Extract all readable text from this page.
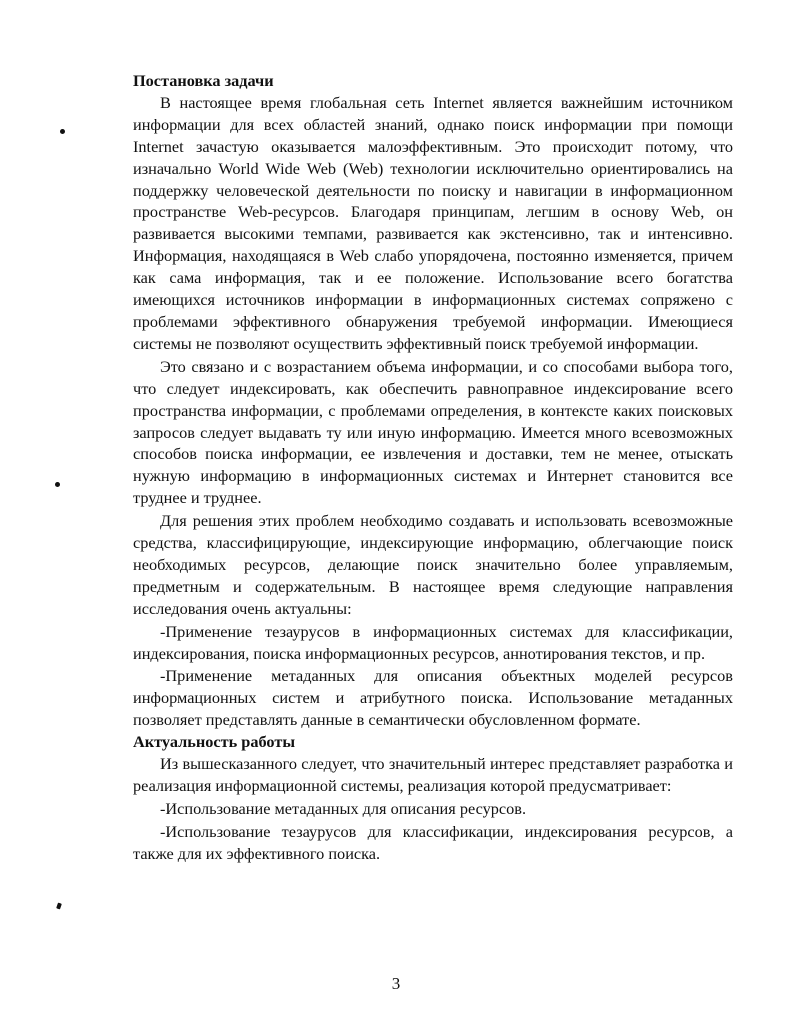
Постановка задачи

В настоящее время глобальная сеть Internet является важнейшим источником информации для всех областей знаний, однако поиск информации при помощи Internet зачастую оказывается малоэффективным. Это происходит потому, что изначально World Wide Web (Web) технологии исключительно ориентировались на поддержку человеческой деятельности по поиску и навигации в информационном пространстве Web-ресурсов. Благодаря принципам, легшим в основу Web, он развивается высокими темпами, развивается как экстенсивно, так и интенсивно. Информация, находящаяся в Web слабо упорядочена, постоянно изменяется, причем как сама информация, так и ее положение. Использование всего богатства имеющихся источников информации в информационных системах сопряжено с проблемами эффективного обнаружения требуемой информации. Имеющиеся системы не позволяют осуществить эффективный поиск требуемой информации.

Это связано и с возрастанием объема информации, и со способами выбора того, что следует индексировать, как обеспечить равноправное индексирование всего пространства информации, с проблемами определения, в контексте каких поисковых запросов следует выдавать ту или иную информацию. Имеется много всевозможных способов поиска информации, ее извлечения и доставки, тем не менее, отыскать нужную информацию в информационных системах и Интернет становится все труднее и труднее.

Для решения этих проблем необходимо создавать и использовать всевозможные средства, классифицирующие, индексирующие информацию, облегчающие поиск необходимых ресурсов, делающие поиск значительно более управляемым, предметным и содержательным. В настоящее время следующие направления исследования очень актуальны:

-Применение тезаурусов в информационных системах для классификации, индексирования, поиска информационных ресурсов, аннотирования текстов, и пр.

-Применение метаданных для описания объектных моделей ресурсов информационных систем и атрибутного поиска. Использование метаданных позволяет представлять данные в семантически обусловленном формате.

Актуальность работы

Из вышесказанного следует, что значительный интерес представляет разработка и реализация информационной системы, реализация которой предусматривает:

-Использование метаданных для описания ресурсов.

-Использование тезаурусов для классификации, индексирования ресурсов, а также для их эффективного поиска.

3
